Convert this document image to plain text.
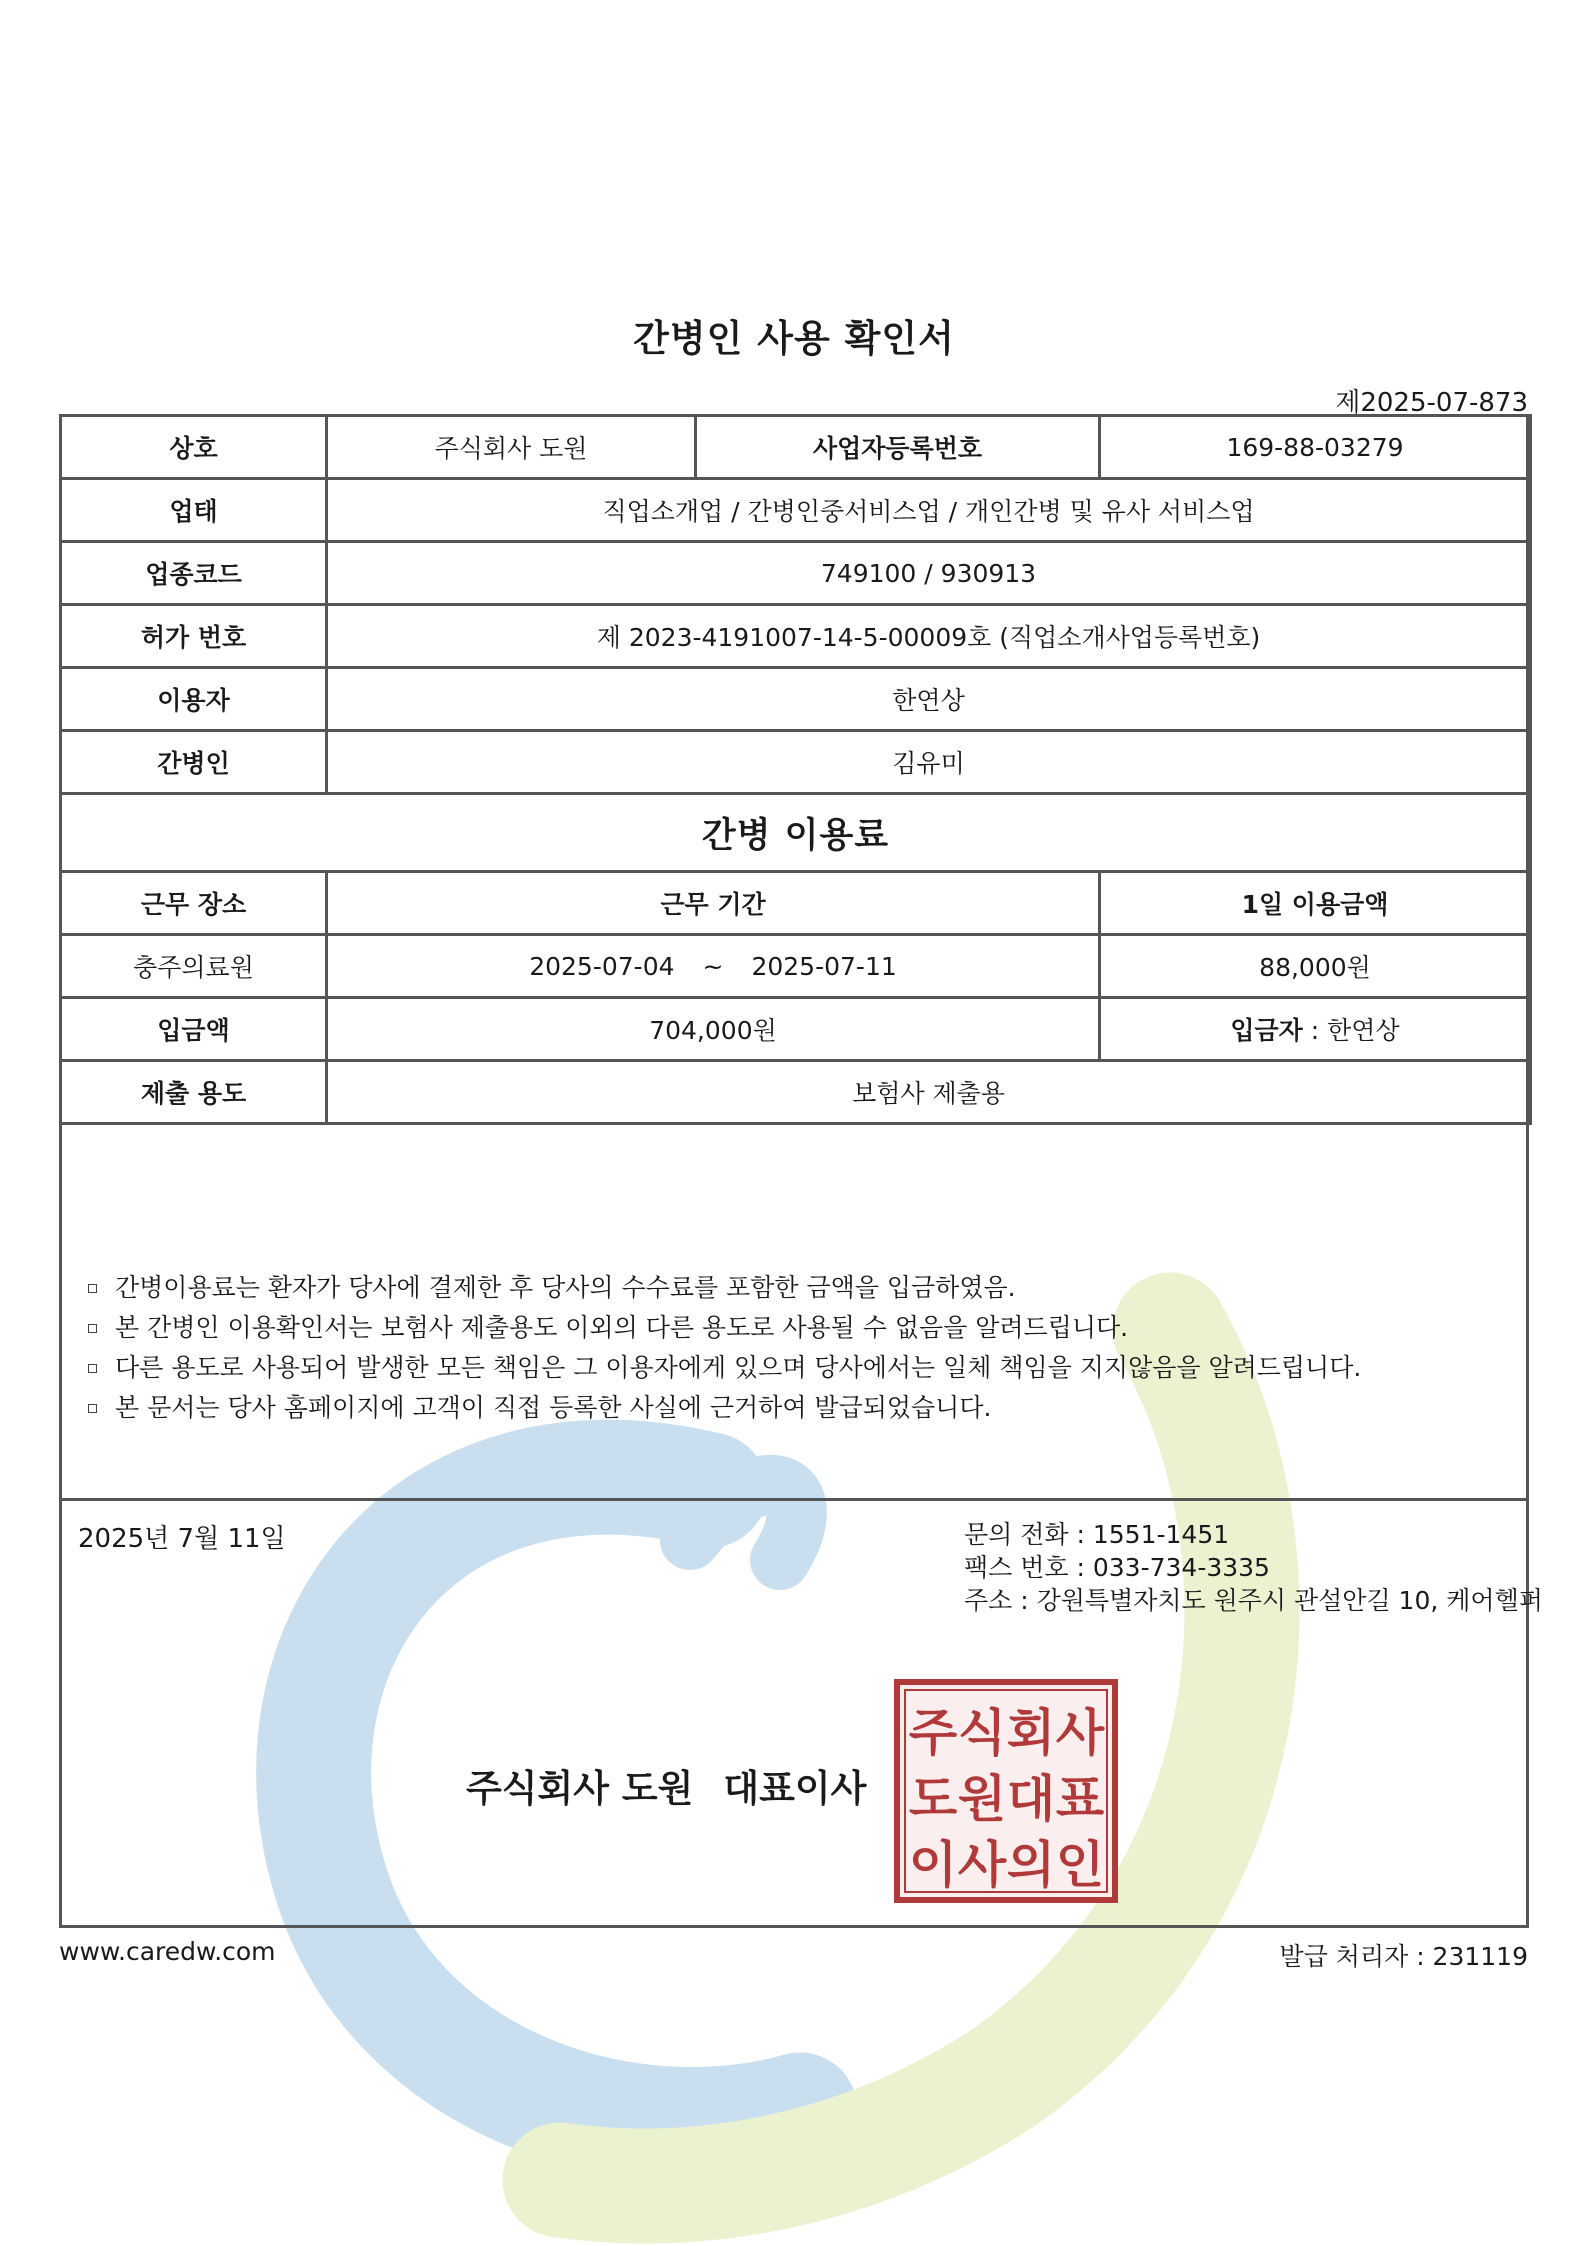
간병인 사용 확인서
제2025-07-873
상호	주식회사 도원	사업자등록번호	169-88-03279
업태	직업소개업 / 간병인중서비스업 / 개인간병 및 유사 서비스업		
업종코드	749100 / 930913		
허가 번호	제 2023-4191007-14-5-00009호 (직업소개사업등록번호)		
이용자	한연상		
간병인	김유미		
간병 이용료			
근무 장소	근무 기간		1일 이용금액
충주의료원	2025-07-04 ~ 2025-07-11		88,000원
입금액	704,000원		입금자 : 한연상
제출 용도	보험사 제출용		
간병이용료는 환자가 당사에 결제한 후 당사의 수수료를 포함한 금액을 입금하였음.
본 간병인 이용확인서는 보험사 제출용도 이외의 다른 용도로 사용될 수 없음을 알려드립니다.
다른 용도로 사용되어 발생한 모든 책임은 그 이용자에게 있으며 당사에서는 일체 책임을 지지않음을 알려드립니다.
본 문서는 당사 홈페이지에 고객이 직접 등록한 사실에 근거하여 발급되었습니다.
2025년 7월 11일	문의 전화 : 1551-1451
팩스 번호 : 033-734-3335
주소 : 강원특별자치도 원주시 관설안길 10, 케어헬퍼
주식회사 도원 대표이사
주 식 회 사
도 원 대 표
이 사 의 인
www.caredw.com	발급 처리자 : 231119
